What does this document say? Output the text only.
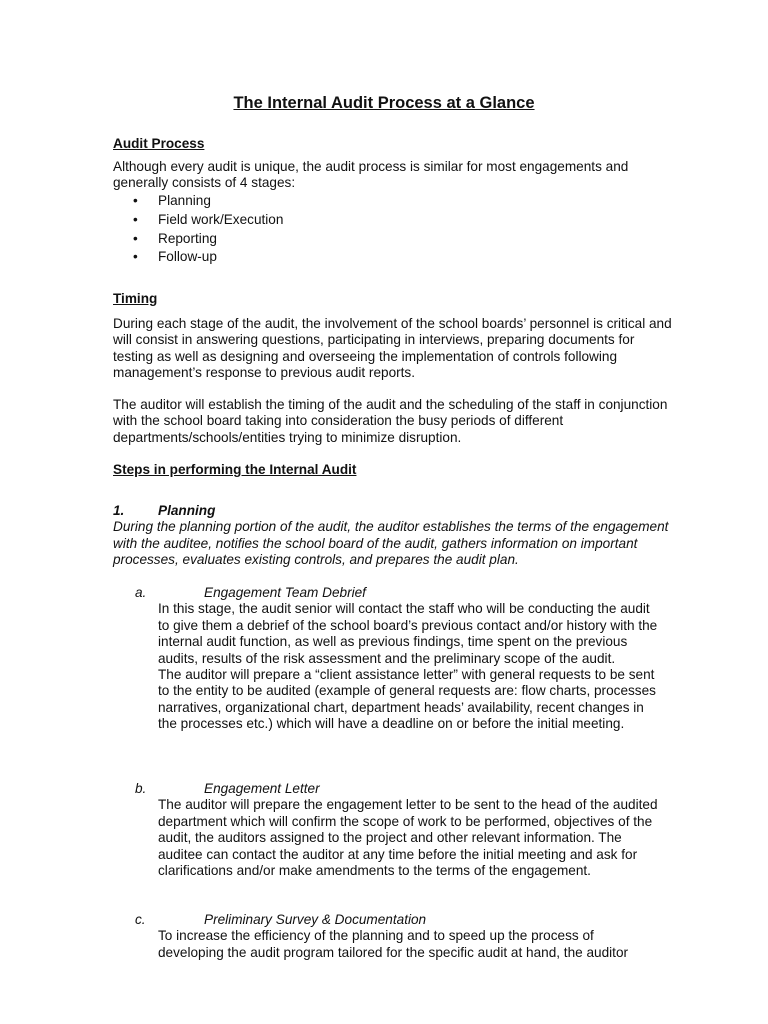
The Internal Audit Process at a Glance
Audit Process

Although every audit is unique, the audit process is similar for most engagements and generally consists of 4 stages:

• Planning
• Field work/Execution
• Reporting
• Follow-up
Timing

During each stage of the audit, the involvement of the school boards’ personnel is critical and will consist in answering questions, participating in interviews, preparing documents for testing as well as designing and overseeing the implementation of controls following management’s response to previous audit reports.

The auditor will establish the timing of the audit and the scheduling of the staff in conjunction with the school board taking into consideration the busy periods of different departments/schools/entities trying to minimize disruption.

Steps in performing the Internal Audit
1. Planning

During the planning portion of the audit, the auditor establishes the terms of the engagement with the auditee, notifies the school board of the audit, gathers information on important processes, evaluates existing controls, and prepares the audit plan.

a.	Engagement Team Debrief

In this stage, the audit senior will contact the staff who will be conducting the audit to give them a debrief of the school board’s previous contact and/or history with the internal audit function, as well as previous findings, time spent on the previous audits, results of the risk assessment and the preliminary scope of the audit.

The auditor will prepare a “client assistance letter” with general requests to be sent to the entity to be audited (example of general requests are: flow charts, processes narratives, organizational chart, department heads’ availability, recent changes in the processes etc.) which will have a deadline on or before the initial meeting.

b.	Engagement Letter

The auditor will prepare the engagement letter to be sent to the head of the audited department which will confirm the scope of work to be performed, objectives of the audit, the auditors assigned to the project and other relevant information. The auditee can contact the auditor at any time before the initial meeting and ask for clarifications and/or make amendments to the terms of the engagement.

c.	Preliminary Survey & Documentation

To increase the efficiency of the planning and to speed up the process of developing the audit program tailored for the specific audit at hand, the auditor
